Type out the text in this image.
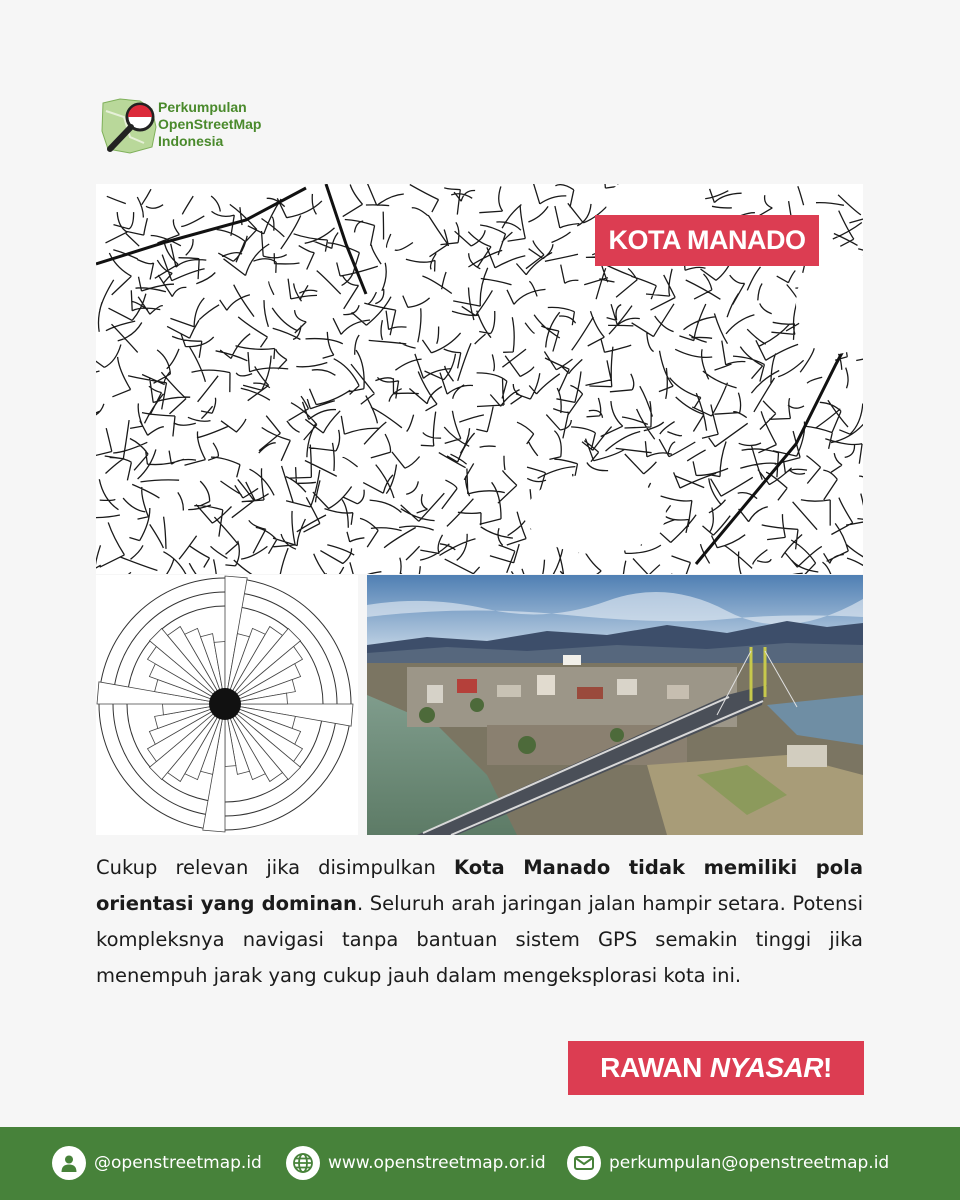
Perkumpulan
OpenStreetMap
Indonesia
KOTA MANADO

Cukup relevan jika disimpulkan Kota Manado tidak memiliki pola orientasi yang dominan. Seluruh arah jaringan jalan hampir setara. Potensi kompleksnya navigasi tanpa bantuan sistem GPS semakin tinggi jika menempuh jarak yang cukup jauh dalam mengeksplorasi kota ini.

RAWAN NYASAR !
@openstreetmap.id	www.openstreetmap.or.id	perkumpulan@openstreetmap.id
